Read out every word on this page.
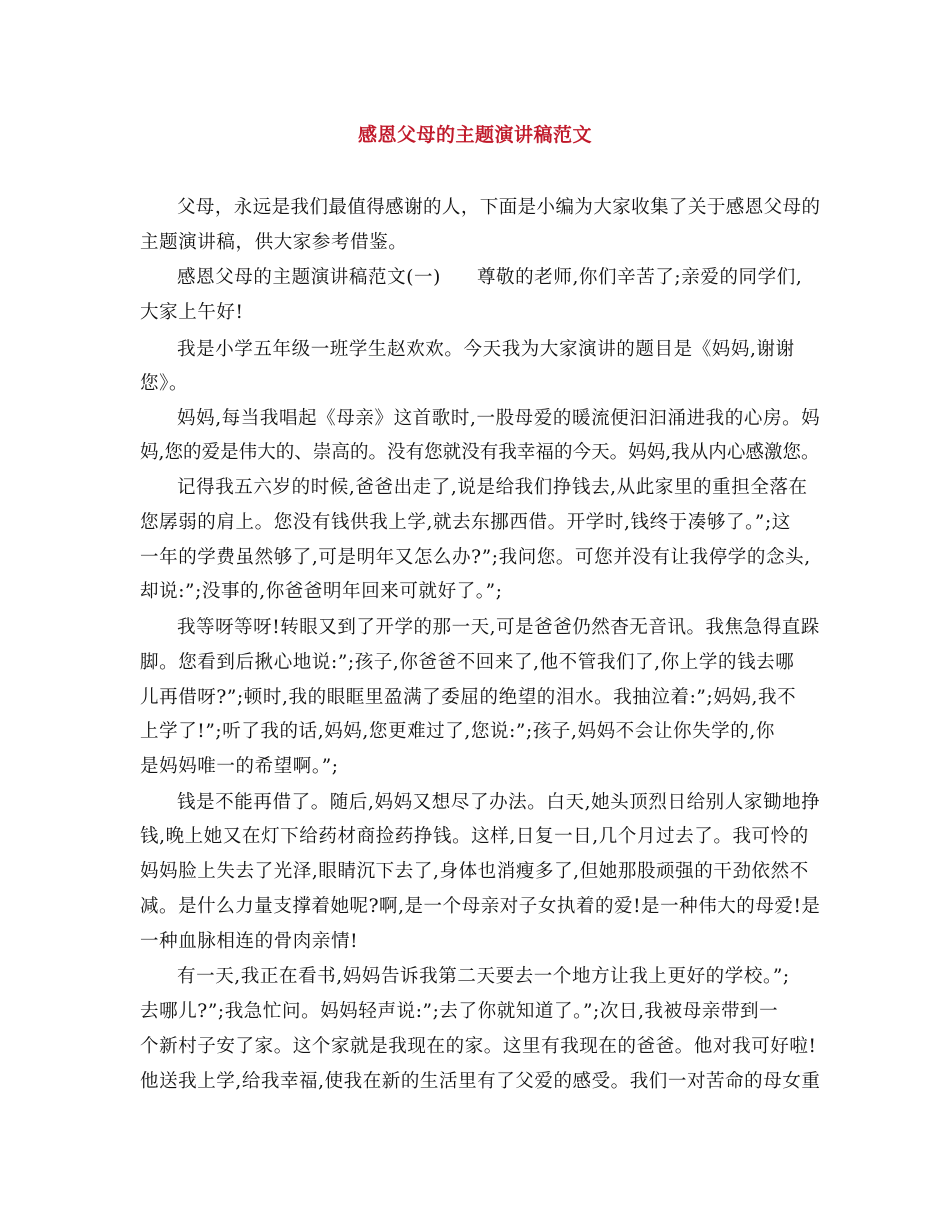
感恩父母的主题演讲稿范文

父母，永远是我们最值得感谢的人，下面是小编为大家收集了关于感恩父母的

主题演讲稿，供大家参考借鉴。

感恩父母的主题演讲稿范文(一) 尊敬的老师,你们辛苦了;亲爱的同学们,

大家上午好!

我是小学五年级一班学生赵欢欢。今天我为大家演讲的题目是《妈妈,谢谢

您》。

妈妈,每当我唱起《母亲》这首歌时,一股母爱的暖流便汩汩涌进我的心房。妈

妈,您的爱是伟大的、崇高的。没有您就没有我幸福的今天。妈妈,我从内心感激您。

记得我五六岁的时候,爸爸出走了,说是给我们挣钱去,从此家里的重担全落在

您孱弱的肩上。您没有钱供我上学,就去东挪西借。开学时,钱终于凑够了。”;这

一年的学费虽然够了,可是明年又怎么办?”;我问您。可您并没有让我停学的念头,

却说:”;没事的,你爸爸明年回来可就好了。”;

我等呀等呀!转眼又到了开学的那一天,可是爸爸仍然杳无音讯。我焦急得直跺

脚。您看到后揪心地说:”;孩子,你爸爸不回来了,他不管我们了,你上学的钱去哪

儿再借呀?”;顿时,我的眼眶里盈满了委屈的绝望的泪水。我抽泣着:”;妈妈,我不

上学了!”;听了我的话,妈妈,您更难过了,您说:”;孩子,妈妈不会让你失学的,你

是妈妈唯一的希望啊。”;

钱是不能再借了。随后,妈妈又想尽了办法。白天,她头顶烈日给别人家锄地挣

钱,晚上她又在灯下给药材商捡药挣钱。这样,日复一日,几个月过去了。我可怜的

妈妈脸上失去了光泽,眼睛沉下去了,身体也消瘦多了,但她那股顽强的干劲依然不

减。是什么力量支撑着她呢?啊,是一个母亲对子女执着的爱!是一种伟大的母爱!是

一种血脉相连的骨肉亲情!

有一天,我正在看书,妈妈告诉我第二天要去一个地方让我上更好的学校。”;

去哪儿?”;我急忙问。妈妈轻声说:”;去了你就知道了。”;次日,我被母亲带到一

个新村子安了家。这个家就是我现在的家。这里有我现在的爸爸。他对我可好啦!

他送我上学,给我幸福,使我在新的生活里有了父爱的感受。我们一对苦命的母女重
